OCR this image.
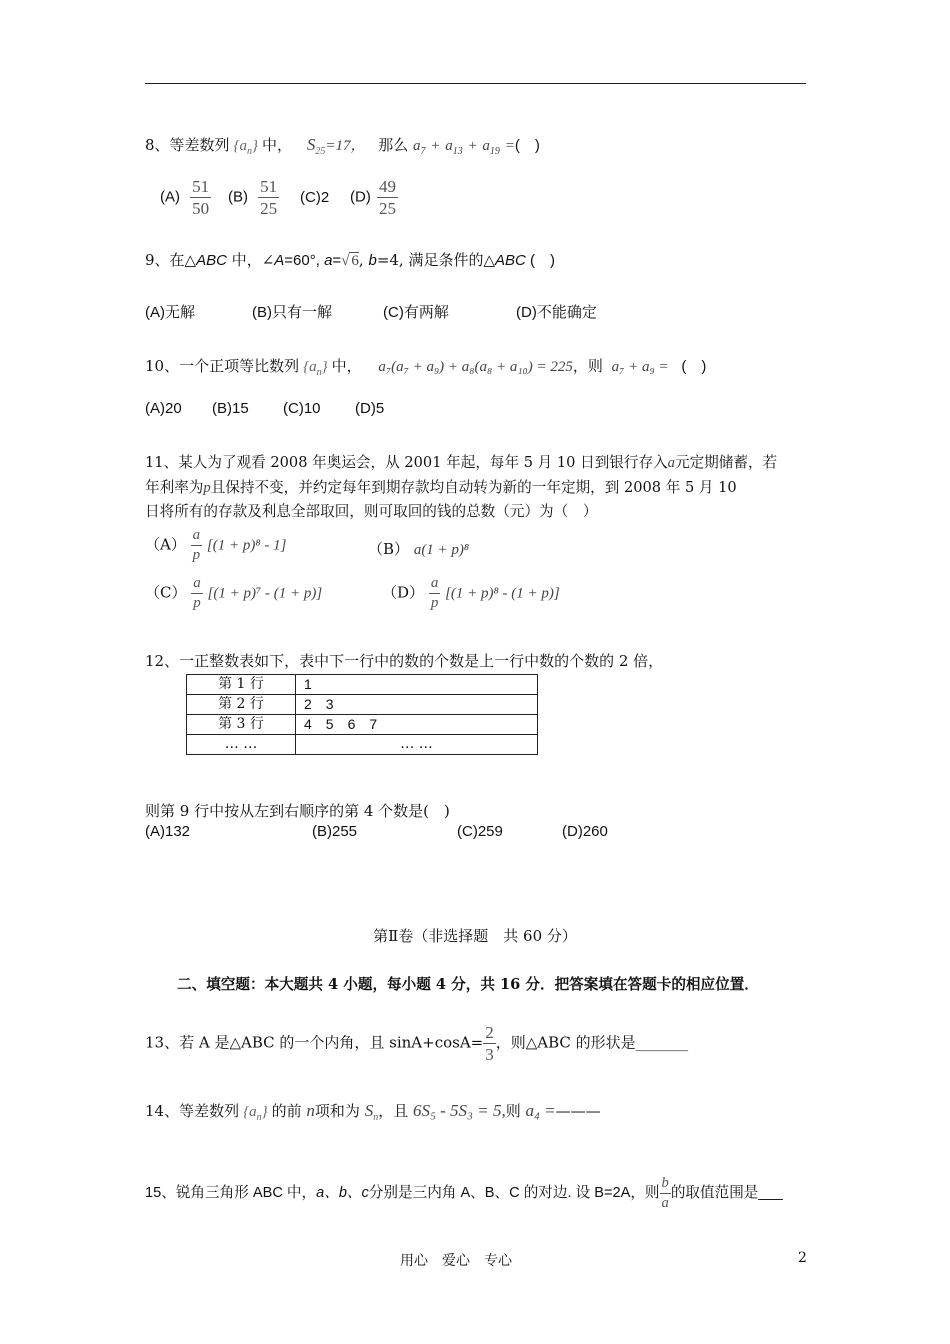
8、等差数列 $\{a_n\}$ 中， $S_{25}=17$， 那么 $a_7 + a_{13} + a_{19}$ =(　)
$(A) \frac{51}{50} (B) \frac{51}{25} (C)2$ $(D) \frac{49}{25}$
9、在△ABC 中，∠A=60°, a=√ 6, b=4, 满足条件的△ABC (　)
(A)无解	(B)只有一解	(C)有两解	(D)不能确定
10、一个正项等比数列 $\{a_n\}$ 中， a₇(a₇ + a₉) + a₈(a₈ + a₁₀) = 225，则 a₇ + a₉ = (　)
(A)20 (B)15 (C)10 (D)5
11、某人为了观看 2008 年奥运会，从 2001 年起，每年 5 月 10 日到银行存入a元定期储蓄，若
年利率为p且保持不变，并约定每年到期存款均自动转为新的一年定期，到 2008 年 5 月 10
日将所有的存款及利息全部取回，则可取回的钱的总数（元）为（　）
$(A) \frac{a}{p} [(1 + p)^8 - 1]$	（B） a(1 + p)⁸
$(C) \frac{a}{p} [(1 + p)^7 - (1 + p)]$	$(D) \frac{a}{p} [(1 + p)^8 - (1 + p)]$
12、一正整数表如下，表中下一行中的数的个数是上一行中数的个数的 2 倍，
第 1 行	1
第 2 行	2　3
第 3 行	4　5　6　7
… …	… …
则第 9 行中按从左到右顺序的第 4 个数是(　)
(A)132	(B)255	(C)259	(D)260
第Ⅱ卷（非选择题　共 60 分）
二、填空题：本大题共 4 小题，每小题 4 分，共 16 分．把答案填在答题卡的相应位置．
13、若 A 是△ABC 的一个内角，且 $\sin A+\cos A= \frac{2}{3}$ ，则△ABC 的形状是_______
14、等差数列 $\{a_n\}$ 的前 n项和为 $S_n$，且 6S₅ - 5S₃ = 5,则 a₄ =———
15、锐角三角形 ABC 中，a、b、c分别是三内角 A、B、C 的对边. 设 B=2A，则 $\frac{b}{a}$ 的取值范围是___
用心　爱心　专心	2
